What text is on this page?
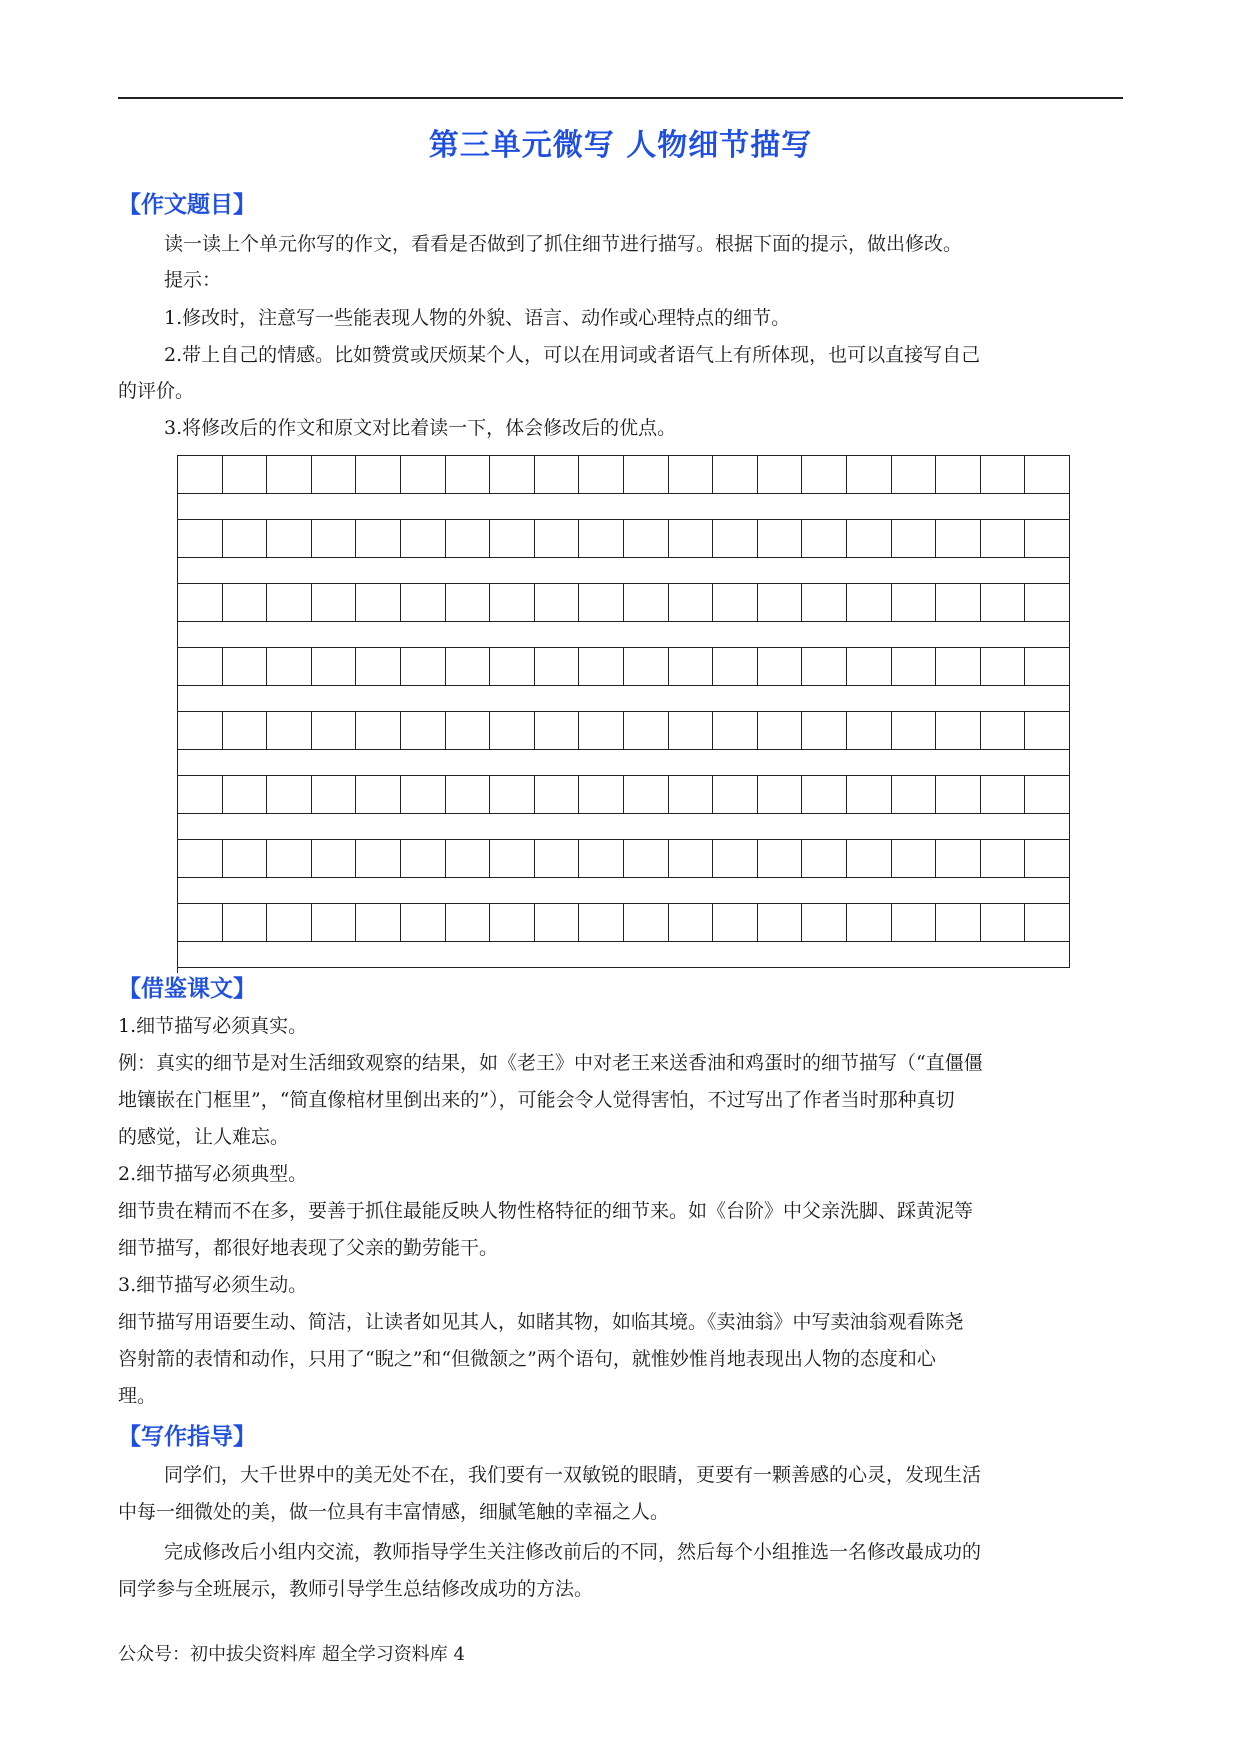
第三单元微写 人物细节描写
【作文题目】
读一读上个单元你写的作文，看看是否做到了抓住细节进行描写。根据下面的提示，做出修改。
提示：
1.修改时，注意写一些能表现人物的外貌、语言、动作或心理特点的细节。
2.带上自己的情感。比如赞赏或厌烦某个人，可以在用词或者语气上有所体现，也可以直接写自己
的评价。
3.将修改后的作文和原文对比着读一下，体会修改后的优点。
【借鉴课文】
1.细节描写必须真实。
例：真实的细节是对生活细致观察的结果，如《老王》中对老王来送香油和鸡蛋时的细节描写（“直僵僵
地镶嵌在门框里”，“简直像棺材里倒出来的”），可能会令人觉得害怕，不过写出了作者当时那种真切
的感觉，让人难忘。
2.细节描写必须典型。
细节贵在精而不在多，要善于抓住最能反映人物性格特征的细节来。如《台阶》中父亲洗脚、踩黄泥等
细节描写，都很好地表现了父亲的勤劳能干。
3.细节描写必须生动。
细节描写用语要生动、简洁，让读者如见其人，如睹其物，如临其境。《卖油翁》中写卖油翁观看陈尧
咨射箭的表情和动作，只用了“睨之”和“但微颔之”两个语句，就惟妙惟肖地表现出人物的态度和心
理。
【写作指导】
同学们，大千世界中的美无处不在，我们要有一双敏锐的眼睛，更要有一颗善感的心灵，发现生活
中每一细微处的美，做一位具有丰富情感，细腻笔触的幸福之人。
完成修改后小组内交流，教师指导学生关注修改前后的不同，然后每个小组推选一名修改最成功的
同学参与全班展示，教师引导学生总结修改成功的方法。
公众号：初中拔尖资料库 超全学习资料库 4
